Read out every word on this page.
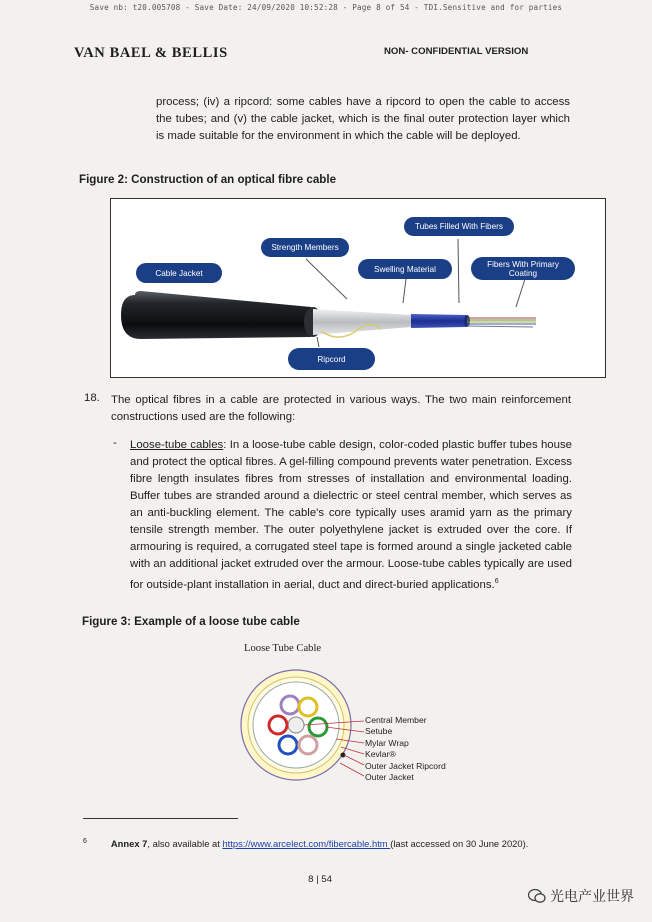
Save nb: t20.005708 - Save Date: 24/09/2020 10:52:28 - Page 8 of 54 - TDI.Sensitive and for parties
VAN BAEL & BELLIS	NON- CONFIDENTIAL VERSION
process; (iv) a ripcord: some cables have a ripcord to open the cable to access the tubes; and (v) the cable jacket, which is the final outer protection layer which is made suitable for the environment in which the cable will be deployed.
Figure 2: Construction of an optical fibre cable
Cable Jacket
Strength Members
Tubes Filled With Fibers
Swelling Material
Fibers With Primary Coating
Ripcord
18. The optical fibres in a cable are protected in various ways. The two main reinforcement constructions used are the following:
- Loose-tube cables: In a loose-tube cable design, color-coded plastic buffer tubes house and protect the optical fibres. A gel-filling compound prevents water penetration. Excess fibre length insulates fibres from stresses of installation and environmental loading. Buffer tubes are stranded around a dielectric or steel central member, which serves as an anti-buckling element. The cable's core typically uses aramid yarn as the primary tensile strength member. The outer polyethylene jacket is extruded over the core. If armouring is required, a corrugated steel tape is formed around a single jacketed cable with an additional jacket extruded over the armour. Loose-tube cables typically are used for outside-plant installation in aerial, duct and direct-buried applications.$^6$
Figure 3: Example of a loose tube cable
Loose Tube Cable
Central Member
Setube
Mylar Wrap
Kevlar®
Outer Jacket Ripcord
Outer Jacket
$^6$	Annex 7, also available at https://www.arcelect.com/fibercable.htm (last accessed on 30 June 2020).
8 | 54
光电产业世界
